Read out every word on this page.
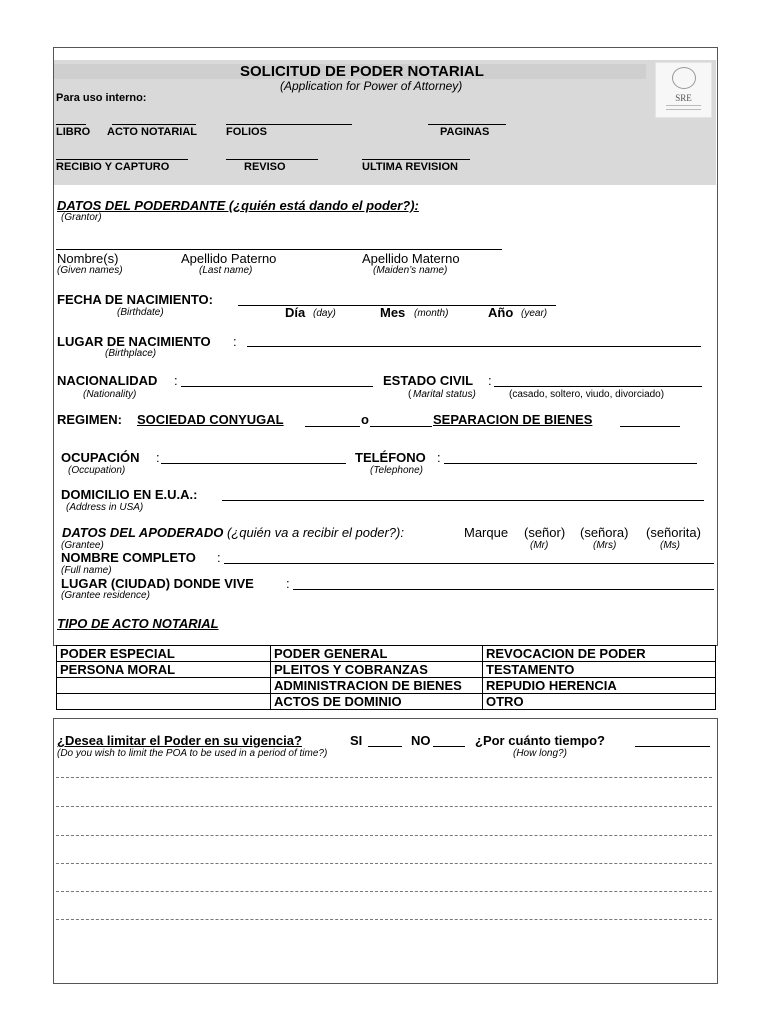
SOLICITUD DE PODER NOTARIAL
(Application for Power of Attorney)
SRE
Para uso interno:
LIBRO ACTO NOTARIAL	FOLIOS	PAGINAS
RECIBIO Y CAPTURO	REVISO	ULTIMA REVISION
DATOS DEL PODERDANTE (¿quién está dando el poder?):
(Grantor)
Nombre(s)	Apellido Paterno	Apellido Materno
(Given names)	(Last name)	(Maiden’s name)
FECHA DE NACIMIENTO:
(Birthdate)	Día (day)	Mes (month)	Año (year)
LUGAR DE NACIMIENTO :
(Birthplace)
NACIONALIDAD :	ESTADO CIVIL :
(Nationality)	( Marital status)	(casado, soltero, viudo, divorciado)
REGIMEN: SOCIEDAD CONYUGAL	o	SEPARACION DE BIENES
OCUPACIÓN :	TELÉFONO :
(Occupation)	(Telephone)
DOMICILIO EN E.U.A.:
(Address in USA)
DATOS DEL APODERADO (¿quién va a recibir el poder?):	Marque (señor) (señora) (señorita)
(Grantee)	(Mr)	(Mrs)	(Ms)
NOMBRE COMPLETO :
(Full name)
LUGAR (CIUDAD) DONDE VIVE :
(Grantee residence)
TIPO DE ACTO NOTARIAL
PODER ESPECIAL	PODER GENERAL	REVOCACION DE PODER
PERSONA MORAL	PLEITOS Y COBRANZAS	TESTAMENTO
	ADMINISTRACION DE BIENES	REPUDIO HERENCIA
	ACTOS DE DOMINIO	OTRO
¿Desea limitar el Poder en su vigencia?	SI	NO	¿Por cuánto tiempo?
(Do you wish to limit the POA to be used in a period of time?)	(How long?)
